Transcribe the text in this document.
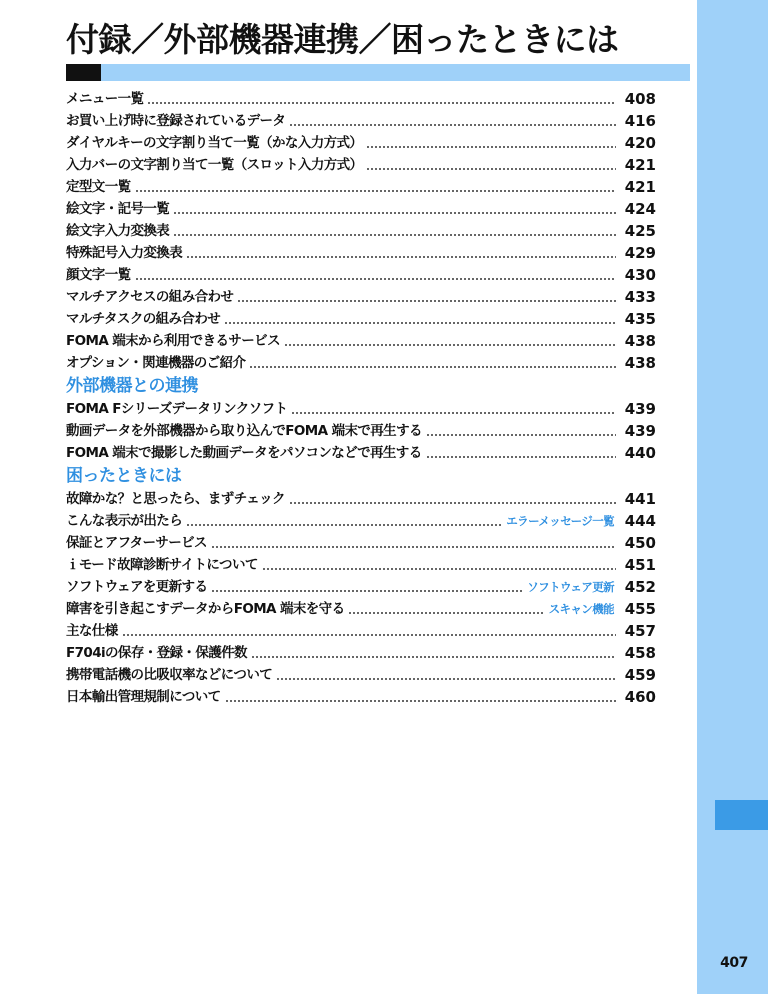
付録／外部機器連携／困ったときには
メニュー一覧	408
お買い上げ時に登録されているデータ	416
ダイヤルキーの文字割り当て一覧（かな入力方式）	420
入力バーの文字割り当て一覧（スロット入力方式）	421
定型文一覧	421
絵文字・記号一覧	424
絵文字入力変換表	425
特殊記号入力変換表	429
顔文字一覧	430
マルチアクセスの組み合わせ	433
マルチタスクの組み合わせ	435
FOMA 端末から利用できるサービス	438
オプション・関連機器のご紹介	438
外部機器との連携
FOMA Fシリーズデータリンクソフト	439
動画データを外部機器から取り込んでFOMA 端末で再生する	439
FOMA 端末で撮影した動画データをパソコンなどで再生する	440
困ったときには
故障かな？と思ったら、まずチェック	441
こんな表示が出たら	エラーメッセージ一覧 444
保証とアフターサービス	450
ｉモード故障診断サイトについて	451
ソフトウェアを更新する	ソフトウェア更新 452
障害を引き起こすデータからFOMA 端末を守る	スキャン機能 455
主な仕様	457
F704iの保存・登録・保護件数	458
携帯電話機の比吸収率などについて	459
日本輸出管理規制について	460
407
